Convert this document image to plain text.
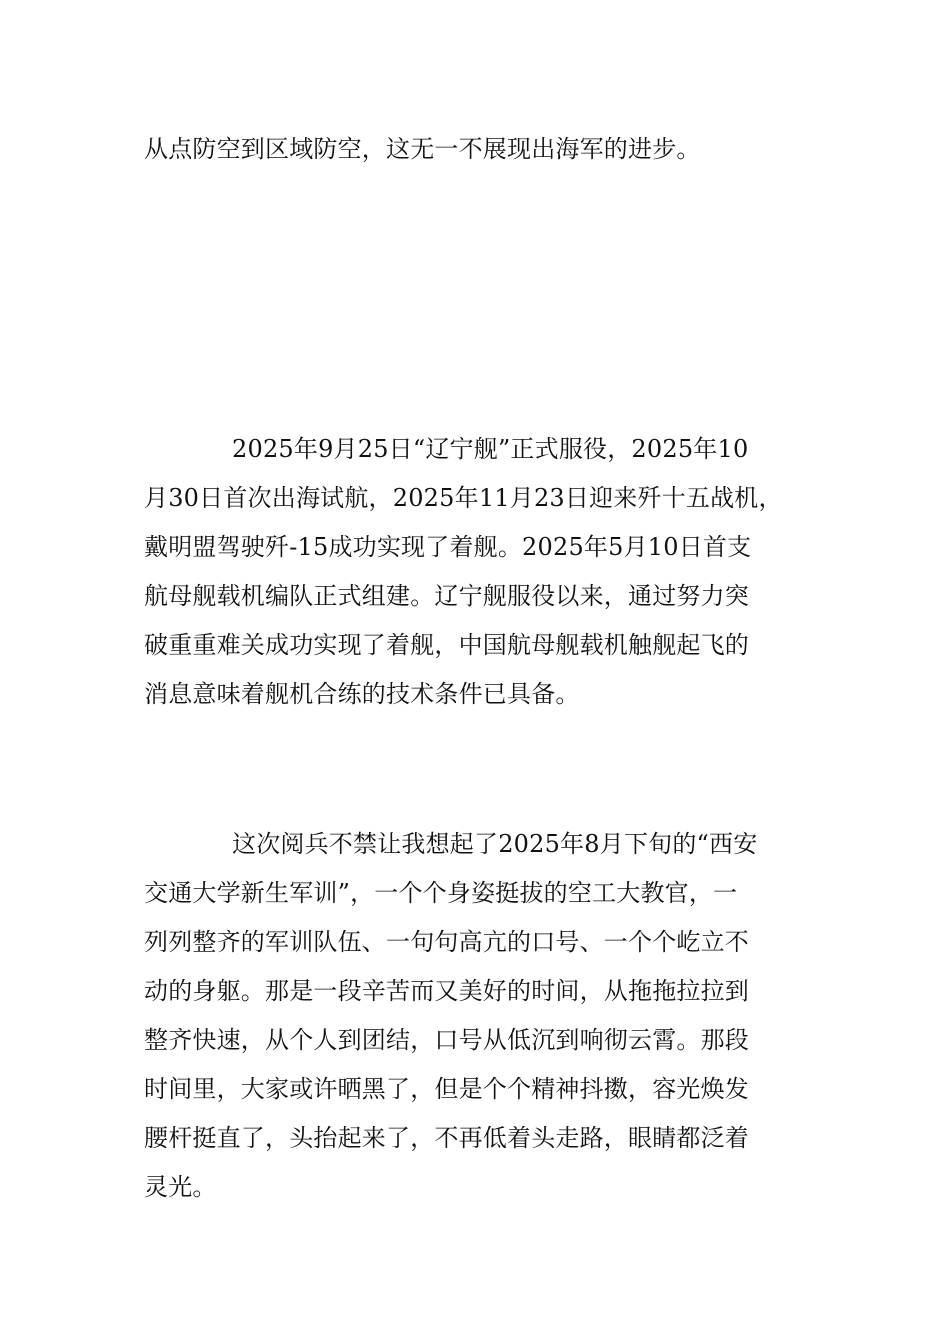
从点防空到区域防空，这无一不展现出海军的进步。
2025年9月25日“辽宁舰”正式服役，2025年10
月30日首次出海试航，2025年11月23日迎来歼十五战机，
戴明盟驾驶歼-15成功实现了着舰。2025年5月10日首支
航母舰载机编队正式组建。辽宁舰服役以来，通过努力突
破重重难关成功实现了着舰，中国航母舰载机触舰起飞的
消息意味着舰机合练的技术条件已具备。
这次阅兵不禁让我想起了2025年8月下旬的“西安
交通大学新生军训”，一个个身姿挺拔的空工大教官，一
列列整齐的军训队伍、一句句高亢的口号、一个个屹立不
动的身躯。那是一段辛苦而又美好的时间，从拖拖拉拉到
整齐快速，从个人到团结，口号从低沉到响彻云霄。那段
时间里，大家或许晒黑了，但是个个精神抖擞，容光焕发
腰杆挺直了，头抬起来了，不再低着头走路，眼睛都泛着
灵光。
